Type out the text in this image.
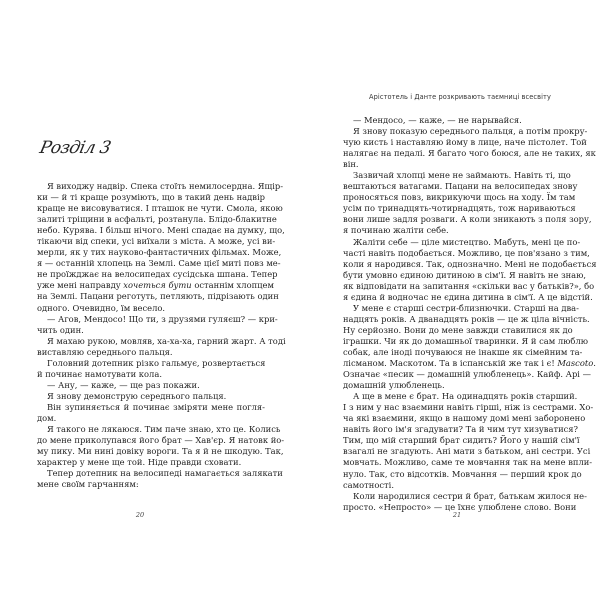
Розділ 3
Я виходжу надвір. Спека стоїть немилосердна. Ящір-
ки — й ті краще розуміють, що в такий день надвір
краще не висовуватися. І пташок не чути. Смола, якою
залиті тріщини в асфальті, розтанула. Блідо-блакитне
небо. Курява. І більш нічого. Мені спадає на думку, що,
тікаючи від спеки, усі виїхали з міста. А може, усі ви-
мерли, як у тих науково-фантастичних фільмах. Може,
я — останній хлопець на Землі. Саме цієї миті повз ме-
не проїжджає на велосипедах сусідська шпана. Тепер
уже мені направду хочеться бути останнім хлопцем
на Землі. Пацани реготуть, петляють, підрізають один
одного. Очевидно, їм весело.
— Агов, Мендосо! Що ти, з друзями гуляєш? — кри-
чить один.
Я махаю рукою, мовляв, ха-ха-ха, гарний жарт. А тоді
виставляю середнього пальця.
Головний дотепник різко гальмує, розвертається
й починає намотувати кола.
— Ану, — каже, — ще раз покажи.
Я знову демонструю середнього пальця.
Він зупиняється й починає зміряти мене погля-
дом.
Я такого не лякаюся. Тим паче знаю, хто це. Колись
до мене приколупався його брат — Хав'єр. Я натовк йо-
му пику. Ми нині довіку вороги. Та я й не шкодую. Так,
характер у мене ще той. Ніде правди сховати.
Тепер дотепник на велосипеді намагається залякати
мене своїм гарчанням:
20
Арістотель і Данте розкривають таємниці всесвіту
— Мендосо, — каже, — не нарывайся.
Я знову показую середнього пальця, а потім прокру-
чую кисть і наставляю йому в лице, наче пістолет. Той
налягає на педалі. Я багато чого боюся, але не таких, як
він.
Зазвичай хлопці мене не займають. Навіть ті, що
вештаються ватагами. Пацани на велосипедах знову
проносяться повз, викрикуючи щось на ходу. Їм там
усім по тринадцять-чотирнадцять, тож нариваються
вони лише задля розваги. А коли зникають з поля зору,
я починаю жаліти себе.
Жаліти себе — ціле мистецтво. Мабуть, мені це по-
часті навіть подобається. Можливо, це пов'язано з тим,
коли я народився. Так, однозначно. Мені не подобається
бути умовно єдиною дитиною в сім'ї. Я навіть не знаю,
як відповідати на запитання «скільки вас у батьків?», бо
я єдина й водночас не єдина дитина в сім'ї. А це відстій.
У мене є старші сестри-близнючки. Старші на два-
надцять років. А дванадцять років — це ж ціла вічність.
Ну серйозно. Вони до мене завжди ставилися як до
іграшки. Чи як до домашньої тваринки. Я й сам люблю
собак, але іноді почуваюся не інакше як сімейним та-
лісманом. Маскотом. Та в іспанській же так і є! Mascoto.
Означає «песик — домашній улюбленець». Кайф. Арі —
домашній улюбленець.
А ще в мене є брат. На одинадцять років старший.
І з ним у нас взаємини навіть гірші, ніж із сестрами. Хо-
ча які взаємини, якщо в нашому домі мені заборонено
навіть його ім'я згадувати? Та й чим тут хизуватися?
Тим, що мій старший брат сидить? Його у нашій сім'ї
взагалі не згадують. Ані мати з батьком, ані сестри. Усі
мовчать. Можливо, саме те мовчання так на мене впли-
нуло. Так, сто відсотків. Мовчання — перший крок до
самотності.
Коли народилися сестри й брат, батькам жилося не-
просто. «Непросто» — це їхнє улюблене слово. Вони
21
